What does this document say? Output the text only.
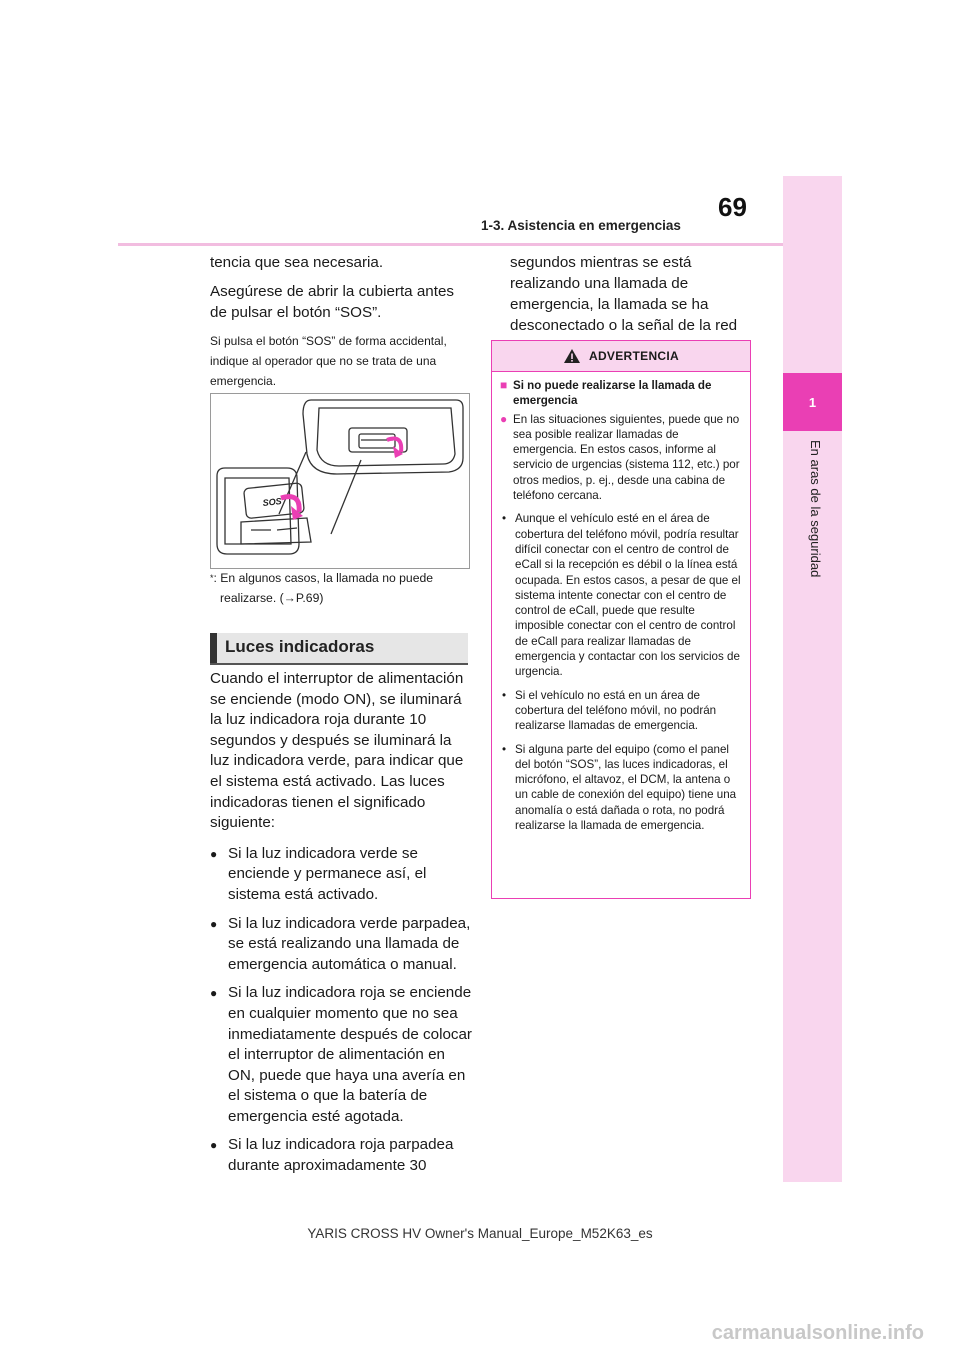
1-3. Asistencia en emergencias
69
1
En aras de la seguridad

tencia que sea necesaria.

Asegúrese de abrir la cubierta antes de pulsar el botón “SOS”.

Si pulsa el botón “SOS” de forma accidental, indique al operador que no se trata de una emergencia.

SOS
*: En algunos casos, la llamada no puede
realizarse. (→P.69)
Luces indicadoras

Cuando el interruptor de alimentación se enciende (modo ON), se iluminará la luz indicadora roja durante 10 segundos y después se iluminará la luz indicadora verde, para indicar que el sistema está activado. Las luces indicadoras tienen el significado siguiente:

● Si la luz indicadora verde se enciende y permanece así, el sistema está activado.
● Si la luz indicadora verde parpadea, se está realizando una llamada de emergencia automática o manual.
● Si la luz indicadora roja se enciende en cualquier momento que no sea inmediatamente después de colocar el interruptor de alimentación en ON, puede que haya una avería en el sistema o que la batería de emergencia esté agotada.
● Si la luz indicadora roja parpadea durante aproximadamente 30
segundos mientras se está realizando una llamada de emergencia, la llamada se ha desconectado o la señal de la red
ADVERTENCIA
■ Si no puede realizarse la llamada de emergencia
● En las situaciones siguientes, puede que no sea posible realizar llamadas de emergencia. En estos casos, informe al servicio de urgencias (sistema 112, etc.) por otros medios, p. ej., desde una cabina de teléfono cercana.
• Aunque el vehículo esté en el área de cobertura del teléfono móvil, podría resultar difícil conectar con el centro de control de eCall si la recepción es débil o la línea está ocupada. En estos casos, a pesar de que el sistema intente conectar con el centro de control de eCall, puede que resulte imposible conectar con el centro de control de eCall para realizar llamadas de emergencia y contactar con los servicios de urgencia.
• Si el vehículo no está en un área de cobertura del teléfono móvil, no podrán realizarse llamadas de emergencia.
• Si alguna parte del equipo (como el panel del botón “SOS”, las luces indicadoras, el micrófono, el altavoz, el DCM, la antena o un cable de conexión del equipo) tiene una anomalía o está dañada o rota, no podrá realizarse la llamada de emergencia.
YARIS CROSS HV Owner's Manual_Europe_M52K63_es
carmanualsonline.info
